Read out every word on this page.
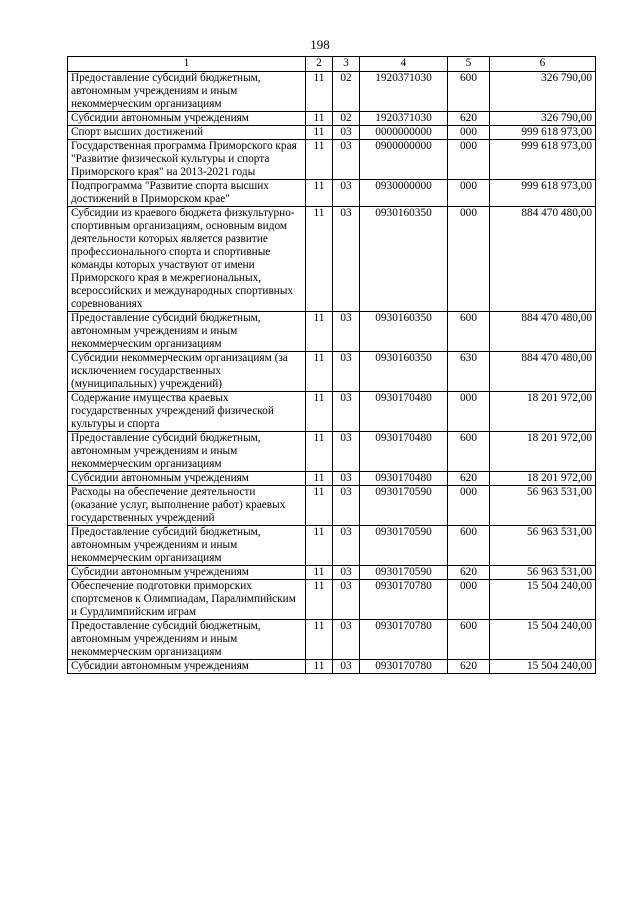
198
1	2	3	4	5	6
Предоставление субсидий бюджетным, автономным учреждениям и иным некоммерческим организациям	11	02	1920371030	600	326 790,00
Субсидии автономным учреждениям	11	02	1920371030	620	326 790,00
Спорт высших достижений	11	03	0000000000	000	999 618 973,00
Государственная программа Приморского края "Развитие физической культуры и спорта Приморского края" на 2013-2021 годы	11	03	0900000000	000	999 618 973,00
Подпрограмма "Развитие спорта высших достижений в Приморском крае"	11	03	0930000000	000	999 618 973,00
Субсидии из краевого бюджета физкультурно-спортивным организациям, основным видом деятельности которых является развитие профессионального спорта и спортивные команды которых участвуют от имени Приморского края в межрегиональных, всероссийских и международных спортивных соревнованиях	11	03	0930160350	000	884 470 480,00
Предоставление субсидий бюджетным, автономным учреждениям и иным некоммерческим организациям	11	03	0930160350	600	884 470 480,00
Субсидии некоммерческим организациям (за исключением государственных (муниципальных) учреждений)	11	03	0930160350	630	884 470 480,00
Содержание имущества краевых государственных учреждений физической культуры и спорта	11	03	0930170480	000	18 201 972,00
Предоставление субсидий бюджетным, автономным учреждениям и иным некоммерческим организациям	11	03	0930170480	600	18 201 972,00
Субсидии автономным учреждениям	11	03	0930170480	620	18 201 972,00
Расходы на обеспечение деятельности (оказание услуг, выполнение работ) краевых государственных учреждений	11	03	0930170590	000	56 963 531,00
Предоставление субсидий бюджетным, автономным учреждениям и иным некоммерческим организациям	11	03	0930170590	600	56 963 531,00
Субсидии автономным учреждениям	11	03	0930170590	620	56 963 531,00
Обеспечение подготовки приморских спортсменов к Олимпиадам, Паралимпийским и Сурдлимпийским играм	11	03	0930170780	000	15 504 240,00
Предоставление субсидий бюджетным, автономным учреждениям и иным некоммерческим организациям	11	03	0930170780	600	15 504 240,00
Субсидии автономным учреждениям	11	03	0930170780	620	15 504 240,00
